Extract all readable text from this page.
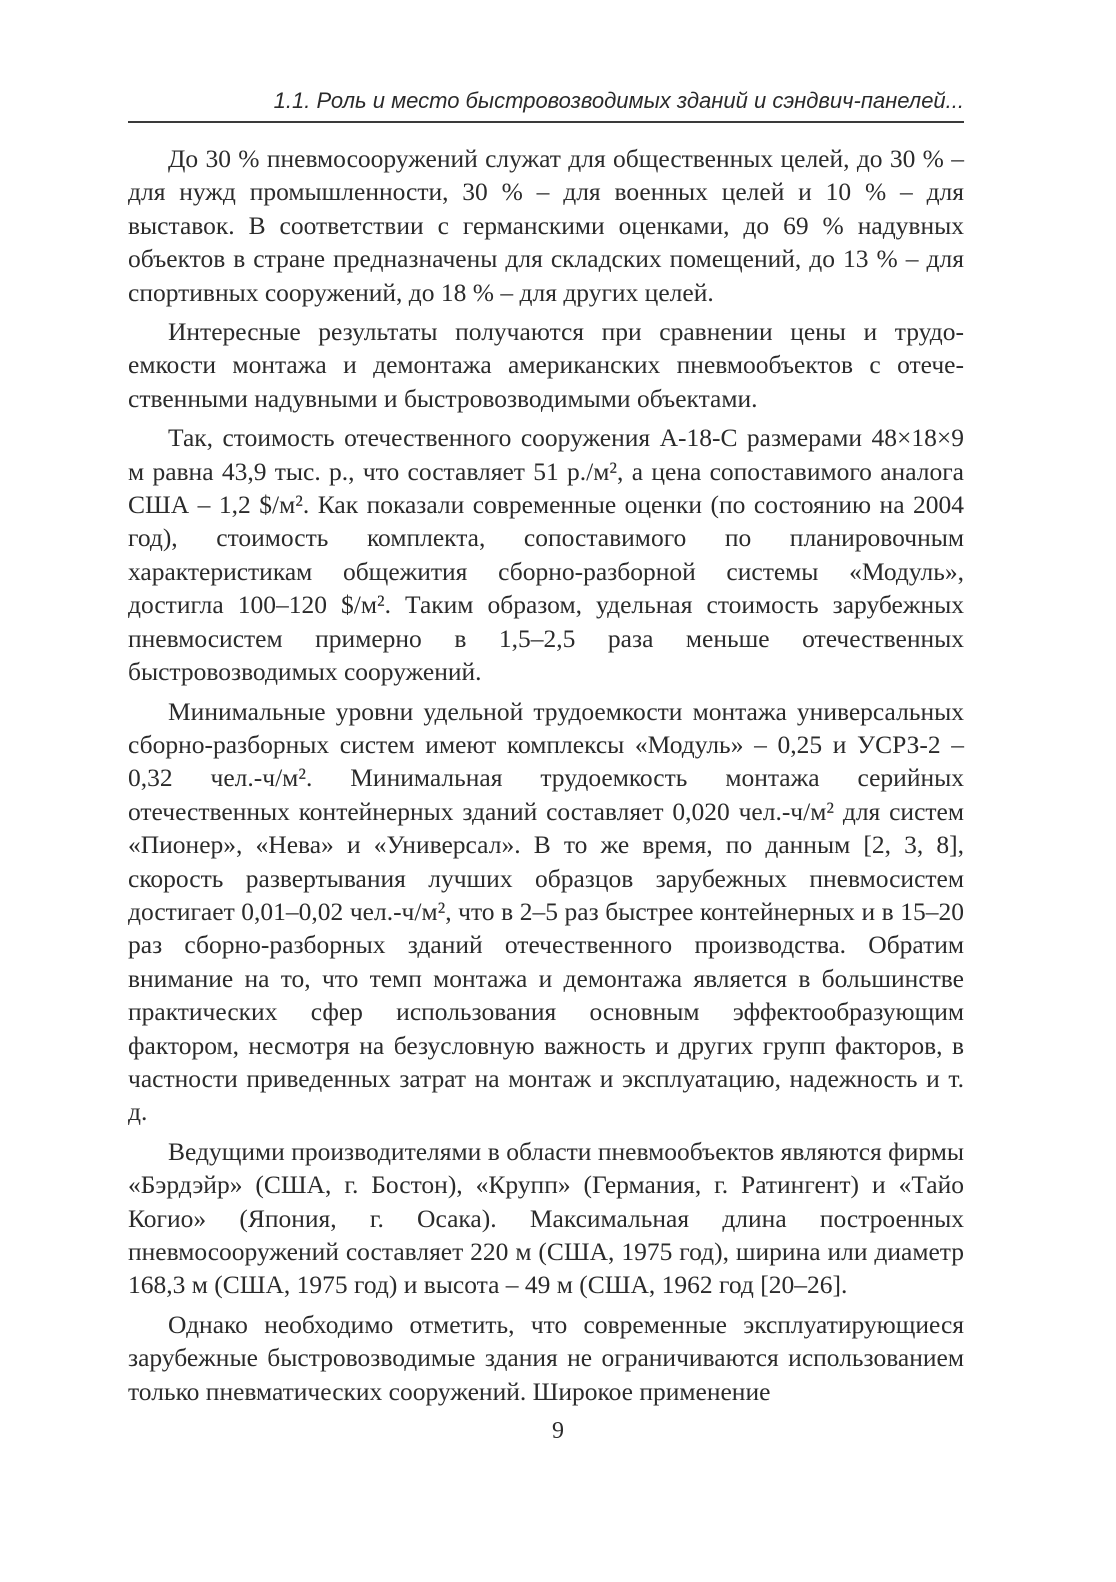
1.1. Роль и место быстровозводимых зданий и сэндвич-панелей...

До 30 % пневмосооружений служат для общественных целей, до 30 % – для нужд промышленности, 30 % – для военных целей и 10 % – для выставок. В соответствии с германскими оценками, до 69 % надувных объектов в стране предназначены для складских помещений, до 13 % – для спортивных сооружений, до 18 % – для других целей.

Интересные результаты получаются при сравнении цены и трудоемкости монтажа и демонтажа американских пневмообъектов с отечественными надувными и быстровозводимыми объектами.

Так, стоимость отечественного сооружения А-18-С размерами 48×18×9 м равна 43,9 тыс. р., что составляет 51 р./м², а цена сопоставимого аналога США – 1,2 $/м². Как показали современные оценки (по состоянию на 2004 год), стоимость комплекта, сопоставимого по планировочным характеристикам общежития сборно-разборной системы «Модуль», достигла 100–120 $/м². Таким образом, удельная стоимость зарубежных пневмосистем примерно в 1,5–2,5 раза меньше отечественных быстровозводимых сооружений.

Минимальные уровни удельной трудоемкости монтажа универсальных сборно-разборных систем имеют комплексы «Модуль» – 0,25 и УСРЗ-2 – 0,32 чел.-ч/м². Минимальная трудоемкость монтажа серийных отечественных контейнерных зданий составляет 0,020 чел.-ч/м² для систем «Пионер», «Нева» и «Универсал». В то же время, по данным [2, 3, 8], скорость развертывания лучших образцов зарубежных пневмосистем достигает 0,01–0,02 чел.-ч/м², что в 2–5 раз быстрее контейнерных и в 15–20 раз сборно-разборных зданий отечественного производства. Обратим внимание на то, что темп монтажа и демонтажа является в большинстве практических сфер использования основным эффектообразующим фактором, несмотря на безусловную важность и других групп факторов, в частности приведенных затрат на монтаж и эксплуатацию, надежность и т. д.

Ведущими производителями в области пневмообъектов являются фирмы «Бэрдэйр» (США, г. Бостон), «Крупп» (Германия, г. Ратингент) и «Тайо Когио» (Япония, г. Осака). Максимальная длина построенных пневмосооружений составляет 220 м (США, 1975 год), ширина или диаметр 168,3 м (США, 1975 год) и высота – 49 м (США, 1962 год [20–26].

Однако необходимо отметить, что современные эксплуатирующиеся зарубежные быстровозводимые здания не ограничиваются использованием только пневматических сооружений. Широкое применение

9
